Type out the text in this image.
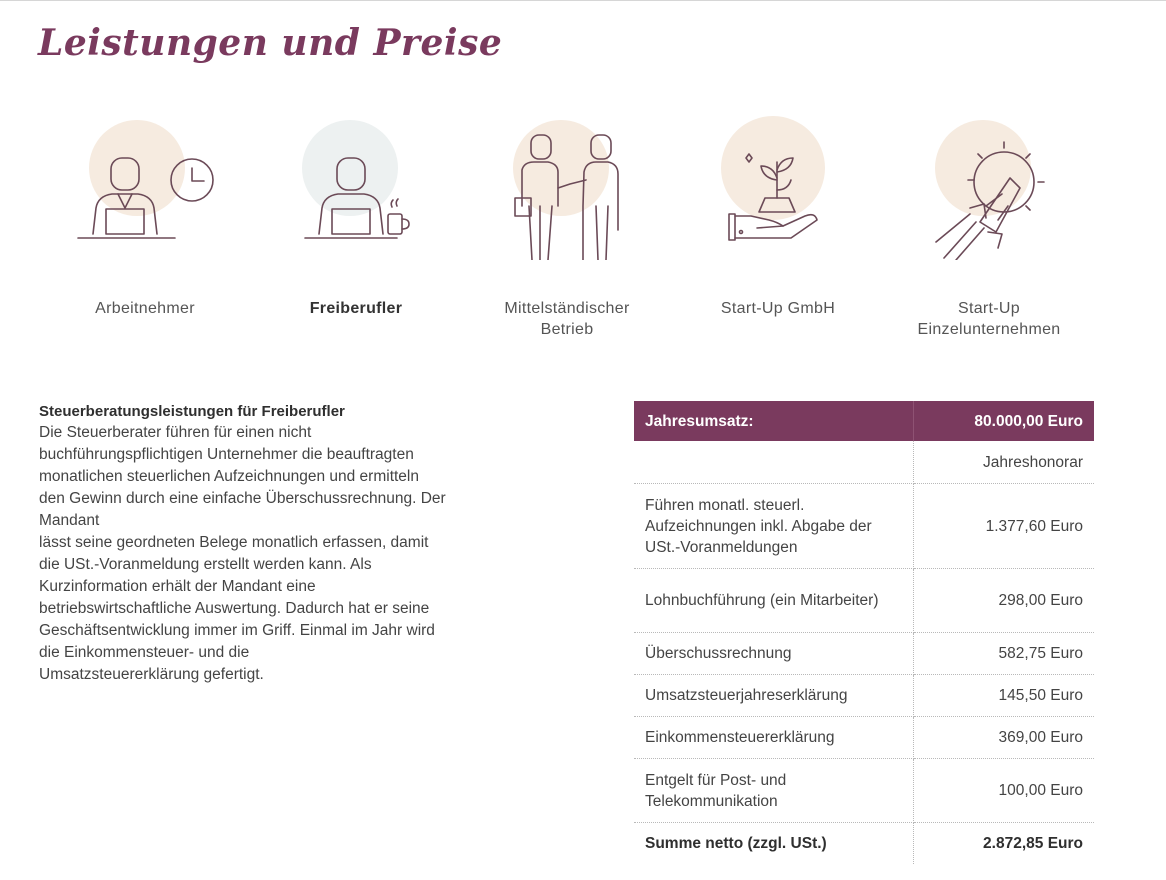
Leistungen und Preise
Arbeitnehmer	Freiberufler	Mittelständischer
Betrieb
Start-Up GmbH	Start-Up
Einzelunternehmen
Steuerberatungsleistungen für Freiberufler

Die Steuerberater führen für einen nicht
buchführungspflichtigen Unternehmer die beauftragten
monatlichen steuerlichen Aufzeichnungen und ermitteln
den Gewinn durch eine einfache Überschussrechnung. Der
Mandant
lässt seine geordneten Belege monatlich erfassen, damit
die USt.-Voranmeldung erstellt werden kann. Als
Kurzinformation erhält der Mandant eine
betriebswirtschaftliche Auswertung. Dadurch hat er seine
Geschäftsentwicklung immer im Griff. Einmal im Jahr wird
die Einkommensteuer- und die
Umsatzsteuererklärung gefertigt.

Jahresumsatz:	80.000,00 Euro
	Jahreshonorar
Führen monatl. steuerl. Aufzeichnungen inkl. Abgabe der USt.-Voranmeldungen	1.377,60 Euro
Lohnbuchführung (ein Mitarbeiter)	298,00 Euro
Überschussrechnung	582,75 Euro
Umsatzsteuerjahreserklärung	145,50 Euro
Einkommensteuererklärung	369,00 Euro
Entgelt für Post- und Telekommunikation	100,00 Euro
Summe netto (zzgl. USt.)	2.872,85 Euro
